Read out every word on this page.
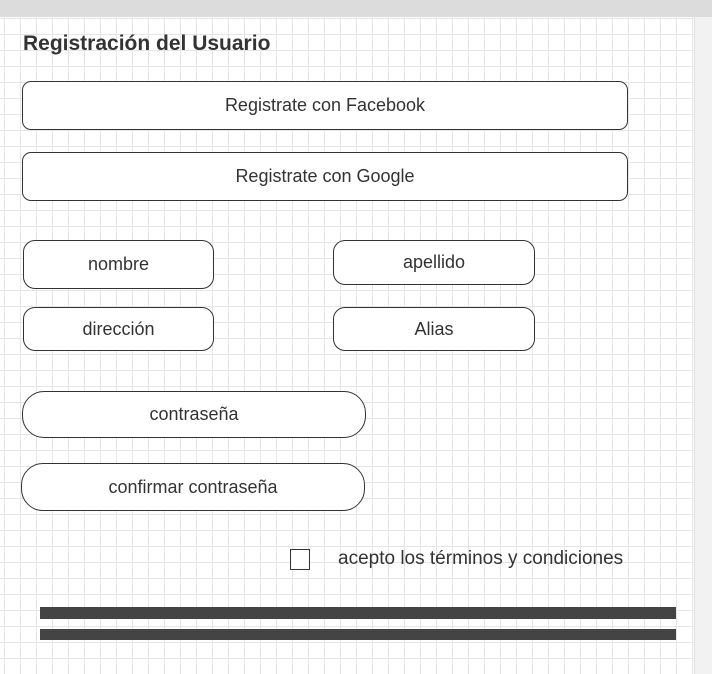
Registración del Usuario
Registrate con Facebook
Registrate con Google
nombre	apellido
dirección	Alias
contraseña
confirmar contraseña
acepto los términos y condiciones
